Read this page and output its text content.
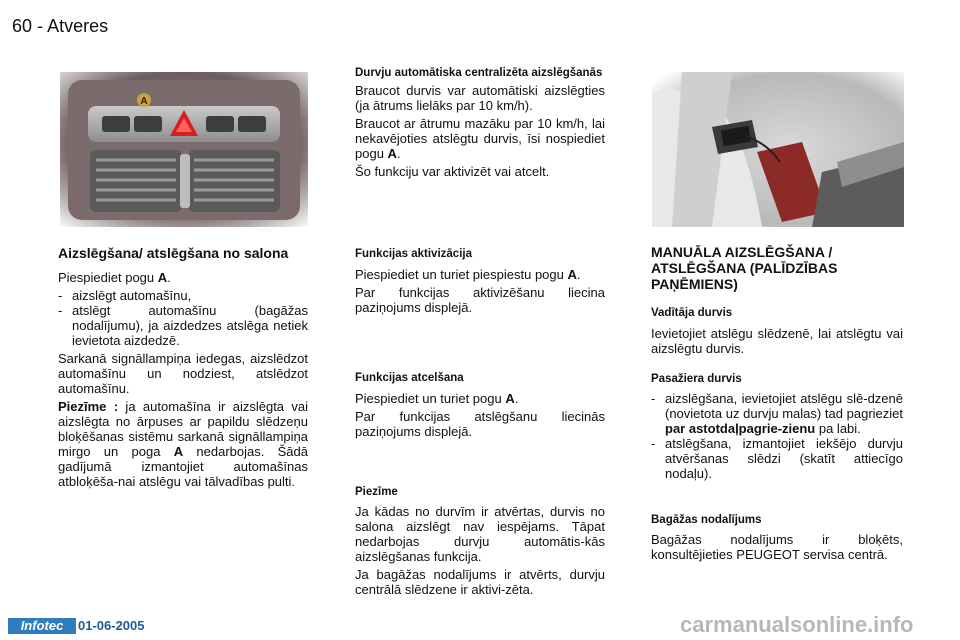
60 - Atveres
A
Aizslēgšana/ atslēgšana no salona

Piespiediet pogu A.

- aizslēgt automašīnu,
- atslēgt automašīnu (bagāžas nodalījumu), ja aizdedzes atslēga netiek ievietota aizdedzē.

Sarkanā signāllampiņa iedegas, aizslēdzot automašīnu un nodziest, atslēdzot automašīnu.

Piezīme : ja automašīna ir aizslēgta vai aizslēgta no ārpuses ar papildu slēdzeņu bloķēšanas sistēmu sarkanā signāllampiņa mirgo un poga A nedarbojas. Šādā gadījumā izmantojiet automašīnas atbloķēša-nai atslēgu vai tālvadības pulti.

Durvju automātiska centralizēta aizslēgšanās

Braucot durvis var automātiski aizslēgties (ja ātrums lielāks par 10 km/h).

Braucot ar ātrumu mazāku par 10 km/h, lai nekavējoties atslēgtu durvis, īsi nospiediet pogu A.

Šo funkciju var aktivizēt vai atcelt.

Funkcijas aktivizācija

Piespiediet un turiet piespiestu pogu A.

Par funkcijas aktivizēšanu liecina paziņojums displejā.

Funkcijas atcelšana

Piespiediet un turiet pogu A.

Par funkcijas atslēgšanu liecinās paziņojums displejā.

Piezīme

Ja kādas no durvīm ir atvērtas, durvis no salona aizslēgt nav iespējams. Tāpat nedarbojas durvju automātis-kās aizslēgšanas funkcija.

Ja bagāžas nodalījums ir atvērts, durvju centrālā slēdzene ir aktivi-zēta.

MANUĀLA AIZSLĒGŠANA / ATSLĒGŠANA (PALĪDZĪBAS PAŅĒMIENS)
Vadītāja durvis

Ievietojiet atslēgu slēdzenē, lai atslēgtu vai aizslēgtu durvis.

Pasažiera durvis
- aizslēgšana, ievietojiet atslēgu slē-dzenē (novietota uz durvju malas) tad pagrieziet par astotdaļpagrie-zienu pa labi.
- atslēgšana, izmantojiet iekšējo durvju atvēršanas slēdzi (skatīt attiecīgo nodaļu).
Bagāžas nodalījums

Bagāžas nodalījums ir bloķēts, konsultējieties PEUGEOT servisa centrā.

Infotec	01-06-2005	carmanualsonline.info
